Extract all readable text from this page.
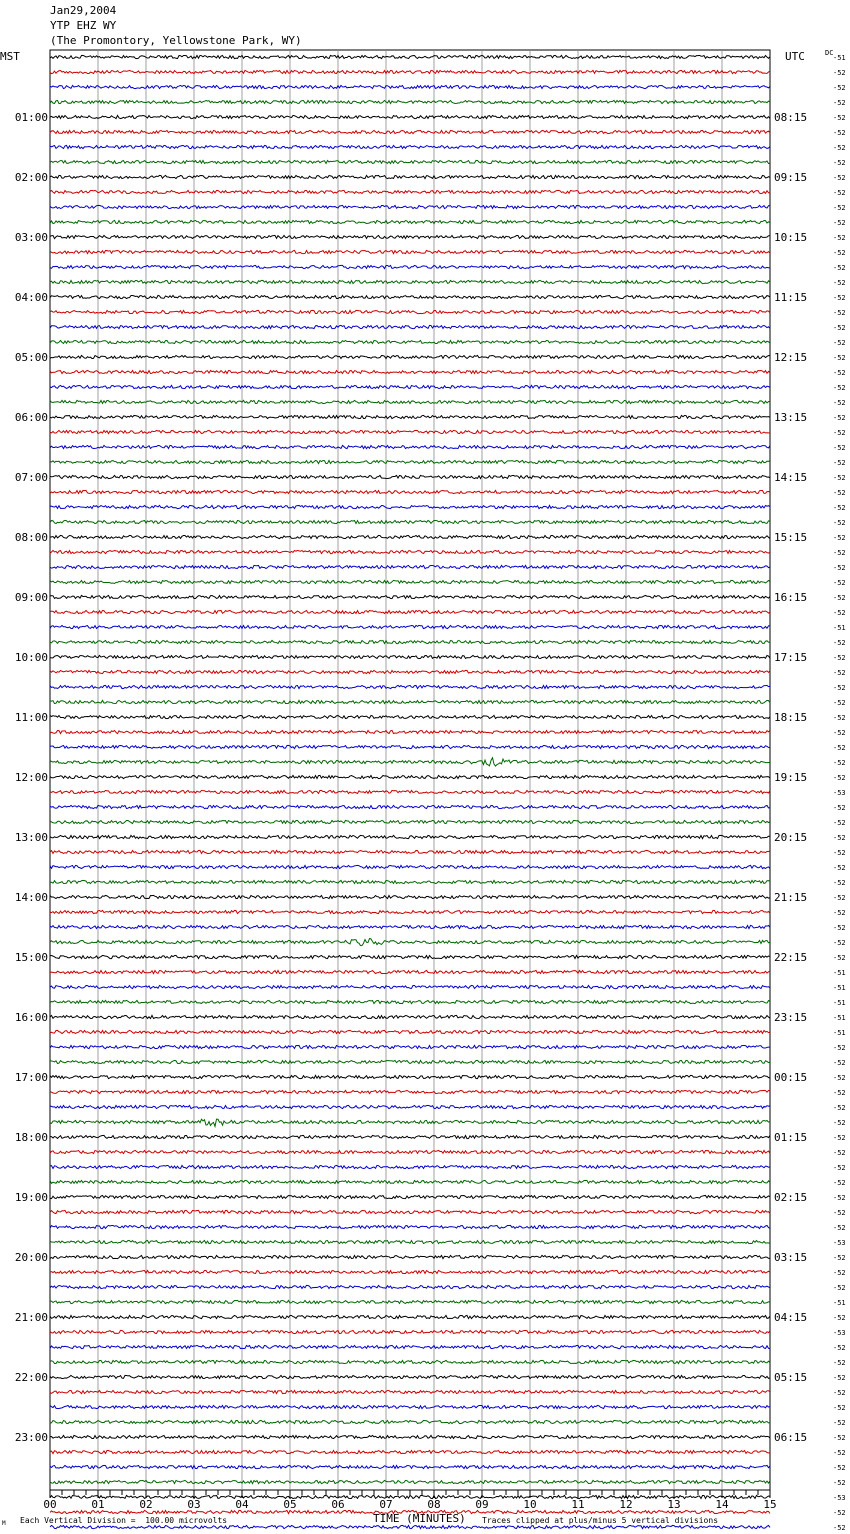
Jan29,2004
YTP EHZ WY
(The Promontory, Yellowstone Park, WY)
MST	UTC	DC
-51
-52
-52
-52
-52
-52
-52
-52
-52
-52
-52
-52
-52
-52
-52
-52
-52
-52
-52
-52
-52
-52
-52
-52
-52
-52
-52
-52
-52
-52
-52
-52
-52
-52
-52
-52
-52
-52
-51
-52
-52
-52
-52
-52
-52
-52
-52
-52
-52
-53
-52
-52
-52
-52
-52
-52
-52
-52
-52
-52
-52
-51
-51
-51
-51
-51
-52
-52
-52
-52
-52
-52
-52
-52
-52
-52
-52
-52
-52
-53
-52
-52
-52
-51
-52
-53
-52
-52
-52
-52
-52
-52
-52
-52
-52
-52
-53
-52
-52
01:00
02:00
03:00
04:00
05:00
06:00
07:00
08:00
09:00
10:00
11:00
12:00
13:00
14:00
15:00
16:00
17:00
18:00
19:00
20:00
21:00
22:00
23:00
08:15
09:15
10:15
11:15
12:15
13:15
14:15
15:15
16:15
17:15
18:15
19:15
20:15
21:15
22:15
23:15
00:15
01:15
02:15
03:15
04:15
05:15
06:15
00	01	02	03	04	05	06	07	08	09	10	11	12	13	14	15
TIME (MINUTES)
M Each Vertical Division =  100.00 microvolts	Traces clipped at plus/minus 5 vertical divisions
